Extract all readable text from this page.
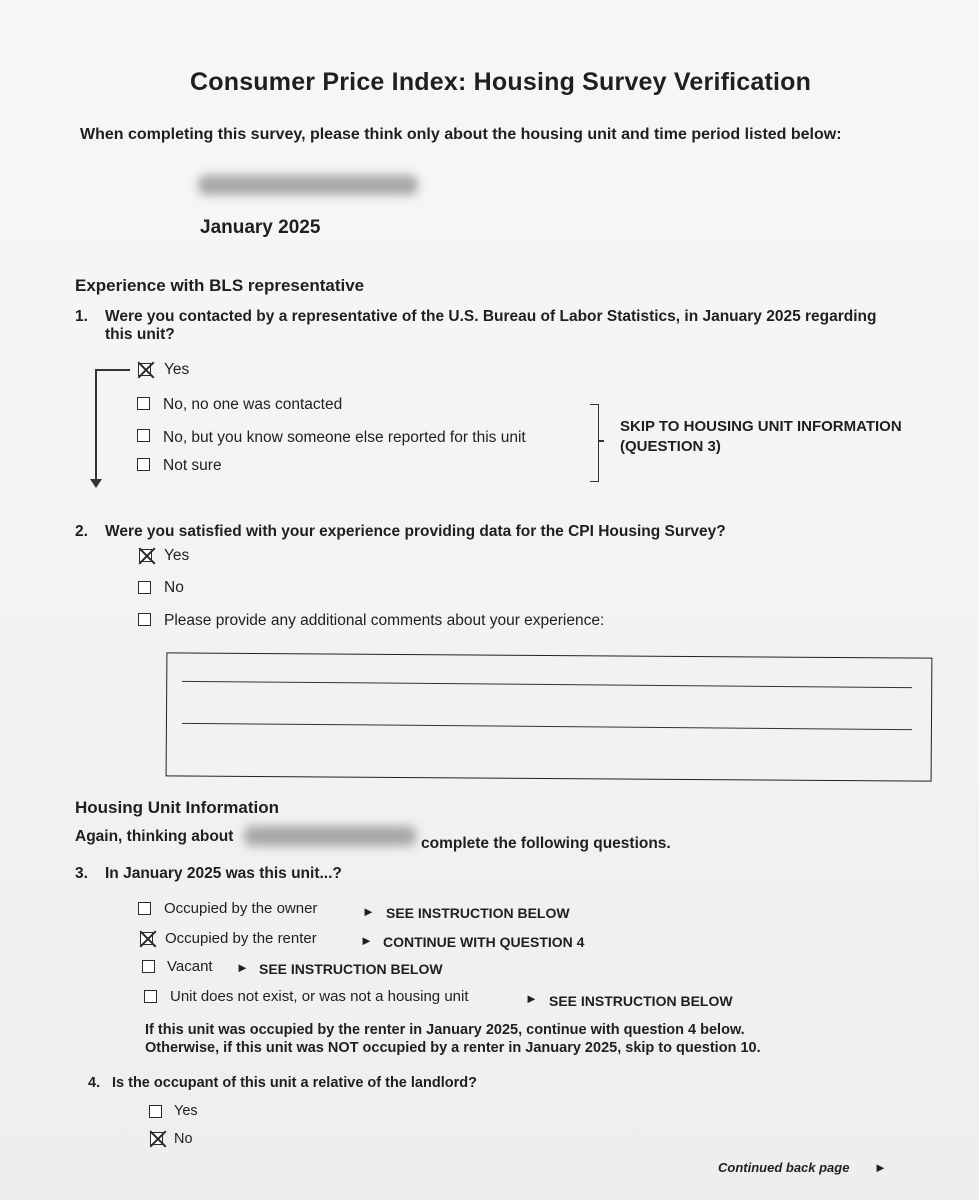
Consumer Price Index: Housing Survey Verification
When completing this survey, please think only about the housing unit and time period listed below:
January 2025
Experience with BLS representative
1. Were you contacted by a representative of the U.S. Bureau of Labor Statistics, in January 2025 regarding
this unit?
Yes
No, no one was contacted
No, but you know someone else reported for this unit
Not sure
SKIP TO HOUSING UNIT INFORMATION
(QUESTION 3)
2. Were you satisfied with your experience providing data for the CPI Housing Survey?
Yes
No
Please provide any additional comments about your experience:
Housing Unit Information
Again, thinking about	complete the following questions.
3. In January 2025 was this unit...?
Occupied by the owner	► SEE INSTRUCTION BELOW
Occupied by the renter	► CONTINUE WITH QUESTION 4
Vacant ► SEE INSTRUCTION BELOW
Unit does not exist, or was not a housing unit	► SEE INSTRUCTION BELOW
If this unit was occupied by the renter in January 2025, continue with question 4 below.
Otherwise, if this unit was NOT occupied by a renter in January 2025, skip to question 10.
4. Is the occupant of this unit a relative of the landlord?
Yes
No
Continued back page ►
